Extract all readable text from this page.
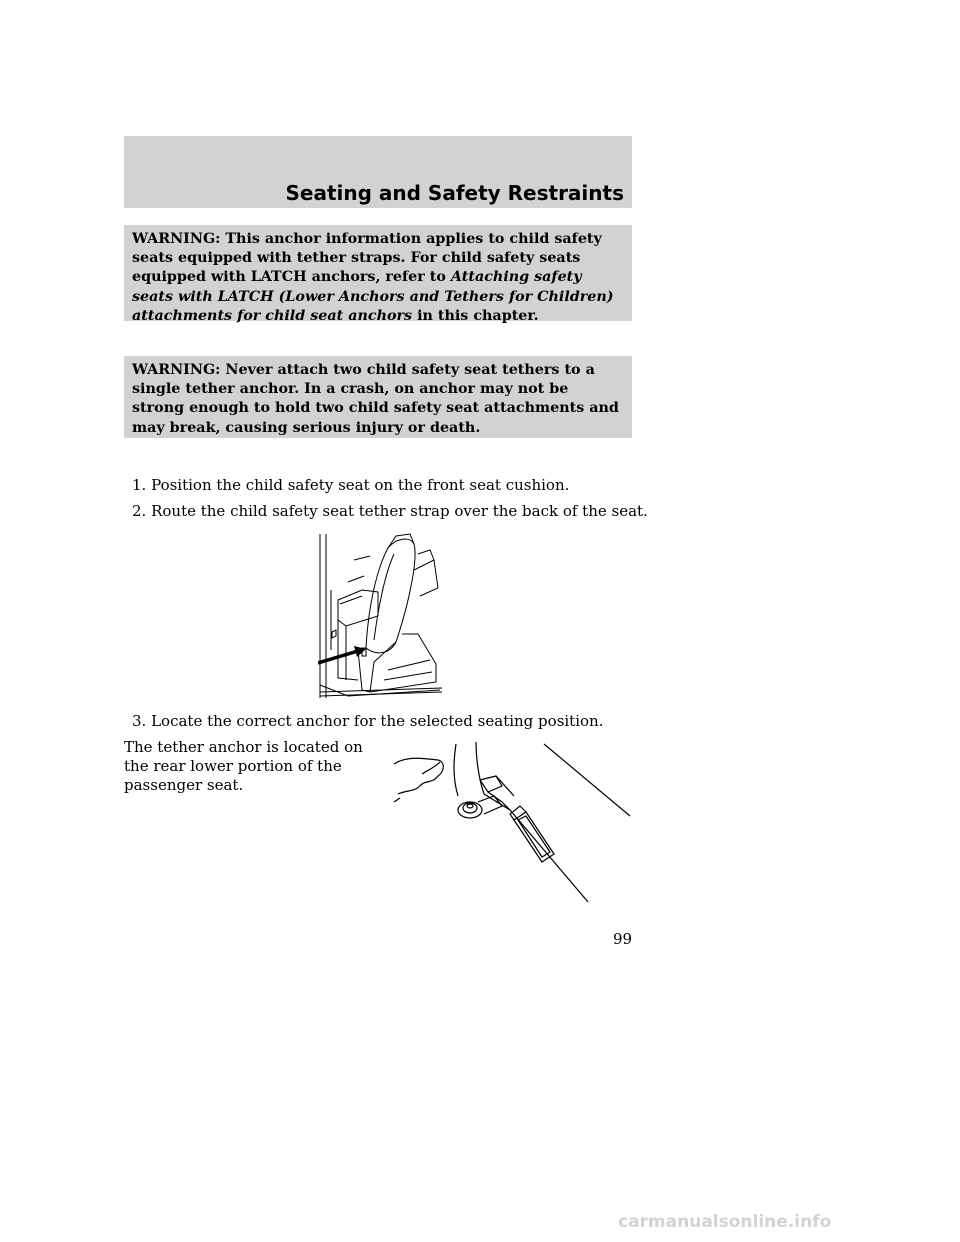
Seating and Safety Restraints
WARNING: This anchor information applies to child safety seats equipped with tether straps. For child safety seats equipped with LATCH anchors, refer to Attaching safety seats with LATCH (Lower Anchors and Tethers for Children) attachments for child seat anchors in this chapter.
WARNING: Never attach two child safety seat tethers to a single tether anchor. In a crash, on anchor may not be strong enough to hold two child safety seat attachments and may break, causing serious injury or death.
1. Position the child safety seat on the front seat cushion.
2. Route the child safety seat tether strap over the back of the seat.
3. Locate the correct anchor for the selected seating position.
The tether anchor is located on the rear lower portion of the passenger seat.
99
carmanualsonline.info
